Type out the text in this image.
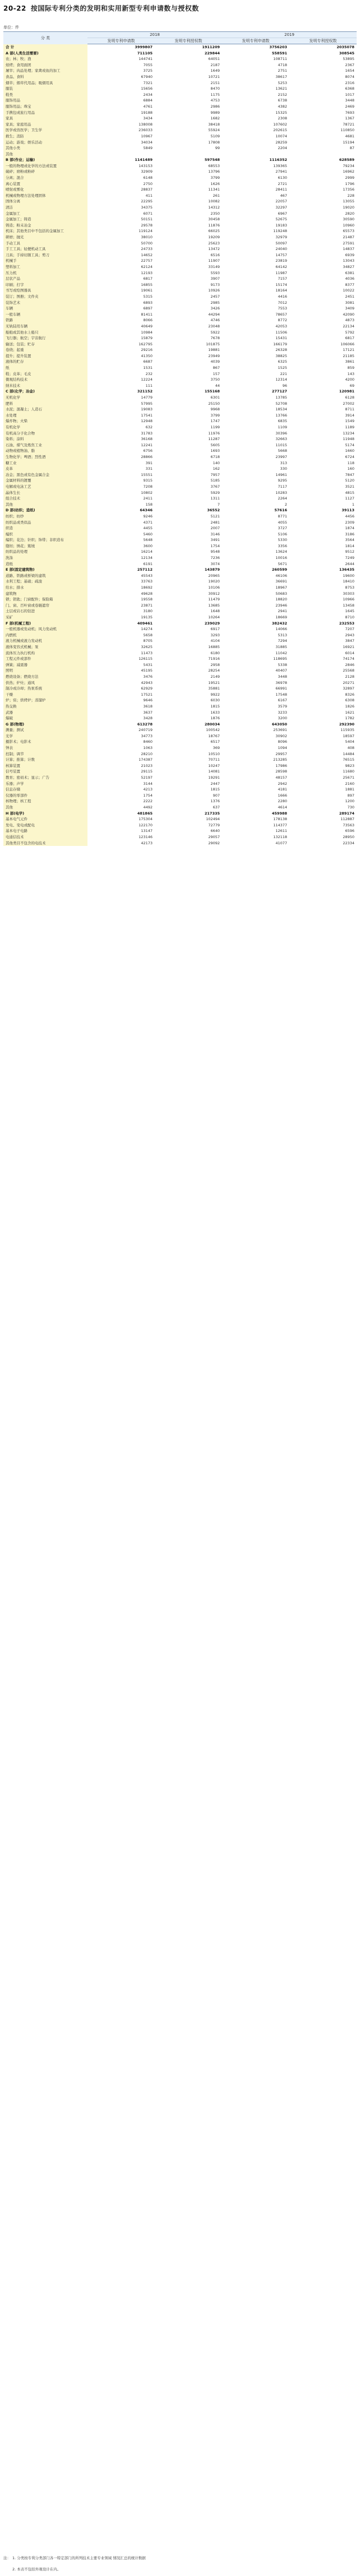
20-22 按国际专利分类的发明和实用新型专利申请数与授权数
单位：件
分 类	2018		2019	
	发明专利申请数	发明专利授权数	发明专利申请数	发明专利授权数
合 计	3999807	1911209	3756203	2035078
A 部(人类生活需要)	711105	229844	558591	308545
农；林；牧；渔	144741	64051	108711	53895
焙烤；食用面团	7055	2187	4718	2367
屠宰；肉品处理；家禽或鱼的加工	3725	1649	2751	1654
食品、食料	67940	10721	38617	8074
烟草；烟草代用品；吸烟用具	7321	2151	5253	2316
服装	15656	8470	13621	6368
鞋类	2434	1175	2152	1017
服饰用品	6884	4753	6738	3448
服饰用品；珠宝	4761	2986	4382	2469
手携包或旅行用品	19188	9989	15325	7693
家具	3434	1682	2308	1367
家具；家庭用品	138008	38418	107602	78721
医学或兽医学；卫生学	236033	55924	202615	110850
救生；消防	10967	5109	10074	4681
运动；游戏；娱乐活动	34034	17808	28259	15194
其他小类	5849	99	2204	87
其他				
B 部(作业；运输)	1141489	597548	1116352	628589
一般的物理或化学的方法或装置	143153	68553	139365	79234
破碎；磨粉或粉碎	32909	13796	27941	16962
分离；混合	6148	3799	6130	2999
离心装置	2750	1626	2721	1796
喷射或雾化	28837	11341	28411	17356
机械或物理方法处理固体	411	261	467	228
固体分离	22295	10082	22057	13055
清洁	34375	14312	32297	19020
金属加工	6071	2350	6967	2820
金属加工；铸造	50151	30458	52675	30590
铸造；粉末冶金	29578	11876	19183	10960
机床；其他类目中不包括的金属加工	119124	66025	119248	65573
研磨；抛光	38010	19209	32979	21487
手动工具	50700	25623	50097	27591
手工工具；轻便机动工具	24733	13472	24040	14837
刀具；手持切割工具；剪刀	14652	6516	14757	6939
机械手	22757	11907	23819	13043
塑料加工	62124	33149	64142	34827
压力机	12193	5593	11987	6381
层状产品	6817	3907	7157	4036
印刷；打字	16855	9173	15174	8377
书写或绘图器具	19061	10926	18164	10022
装订；图册；文件夹	5315	2457	4416	2451
装饰艺术	6893	2985	7012	3081
车辆	6897	3426	7553	3409
一般车辆	81411	44294	78657	42090
铁路	8066	4746	8772	4873
无轨陆用车辆	40649	23048	42053	22134
船舶或其他水上船只	10984	5922	11506	5792
飞行器；航空；宇宙航行	15879	7678	15431	6817
输送；包装；贮存	162795	101875	166179	106066
卷绕；起重	29216	19881	26328	17121
提升；提升装置	41350	23949	38825	21185
液体的贮存	6687	4039	6325	3861
纸	1531	867	1525	859
鞋；皮革；毛皮	232	157	221	143
微观结构技术	12224	3750	12314	4200
纳米技术	111	44	96	69
C 部(化学；冶金)	321152	155168	277127	120981
无机化学	14779	6301	13785	6128
肥料	57995	25150	52708	27002
水泥；混凝土；人造石	19083	9968	18534	8711
水处理	17541	3799	13766	3914
爆炸物；火柴	12948	1747	6835	1549
有机化学	632	1199	1109	1189
有机高分子化合物	31783	11976	30396	13234
染料；涂料	36168	11287	32663	11948
石油、煤气及炼焦工业	12241	5605	11015	5174
动物或植物油、脂	6756	1693	5668	1660
生物化学；啤酒；烈性酒	28866	6718	23997	6724
糖工业	391	140	313	118
皮革	331	162	330	160
冶金；黑色或有色金属合金	15551	7957	14961	7847
金属材料的镀覆	9315	5185	9295	5120
电解或电泳工艺	7208	3767	7117	3521
晶体生长	10802	5929	10283	4815
组合技术	2411	1311	2264	1127
其他	158	7	2	1
D 部(纺织；造纸)	64346	36552	57616	39113
纺织；纺纱	9246	5121	8771	4456
纺织品或类似品	4371	2481	4055	2309
织造	4455	2007	3727	1874
编织	5460	3146	5106	3186
编织；花边；针织；饰带；非织造布	5648	3491	5330	3564
缝纫；绣花；簇绒	3600	1754	3356	1814
纺织品的处理	16214	9548	13624	9512
洗涤	12134	7236	10016	7249
造纸	6191	3074	5671	2644
E 部(固定建筑物)	257112	143879	260599	136435
道路、铁路或桥梁的建筑	45543	20965	46106	19600
水利工程；基础；疏浚	33763	19020	36691	18410
给水；排水	18692	10106	18967	8753
建筑物	49628	30912	50683	30303
锁；钥匙；门窗配件；保险箱	19558	11479	18820	10966
门、窗、百叶窗或卷辊遮帘	23871	13685	23946	13458
土层或岩石的钻进	3180	1648	2941	1645
采矿	19135	10264	18669	8710
F 部(机械工程)	409461	239029	382432	232553
一般机器或发动机；风力发动机	14274	6917	14066	7207
内燃机	5658	3293	5313	2943
液力机械或液力发动机	8705	4104	7294	3847
液体变容式机械；泵	32625	16885	31885	16921
流体压力执行机构	11473	6180	11042	6014
工程元件或部件	126115	71916	118695	74174
弹簧；减震器	5431	2958	5338	2846
照明	45195	28254	40407	25568
燃烧设备；燃烧方法	3476	2149	3448	2128
供热；炉灶；通风	42943	19521	36978	20271
制冷或冷却；热泵系统	62929	35881	66991	32897
干燥	17521	9922	17548	8326
炉；窑；烘烤炉；蒸馏炉	9646	6030	6167	6308
热交换	3618	1815	3579	1826
武器	3637	1633	3233	1621
爆破	3428	1876	3200	1782
G 部(物理)	613278	280034	643050	292390
测量；测试	240719	100542	253691	115935
光学	34773	18767	30902	18597
摄影术；电影术	8460	6517	8096	5404
钟表	1063	369	1094	408
控制；调节	28210	10510	29957	14484
计算；推算；计数	174387	70711	213285	76515
核算装置	21023	10247	17986	9823
信号装置	29115	14081	28598	11680
教育；密码术；显示；广告	52197	19291	48157	25671
乐器；声学	3144	2447	2942	2160
信息存储	4213	1815	4181	1881
仪器的零部件	1754	907	1666	897
核物理；核工程	2222	1376	2280	1200
其他	4492	637	4614	730
H 部(电学)	481865	217335	459988	289174
基本电气元件	175304	102494	178138	112887
发电、变电或配电	122170	72779	114377	73563
基本电子电路	13147	6640	12611	6596
电通信技术	123146	29057	132118	28950
其他类目不包含的电技术	42173	29092	41077	22334
注： 1. 分类按专利分类部门各一特定部门的所列技术主要专业领域 情况汇总的统计数据
2. 本表不包括外观设计在内。
